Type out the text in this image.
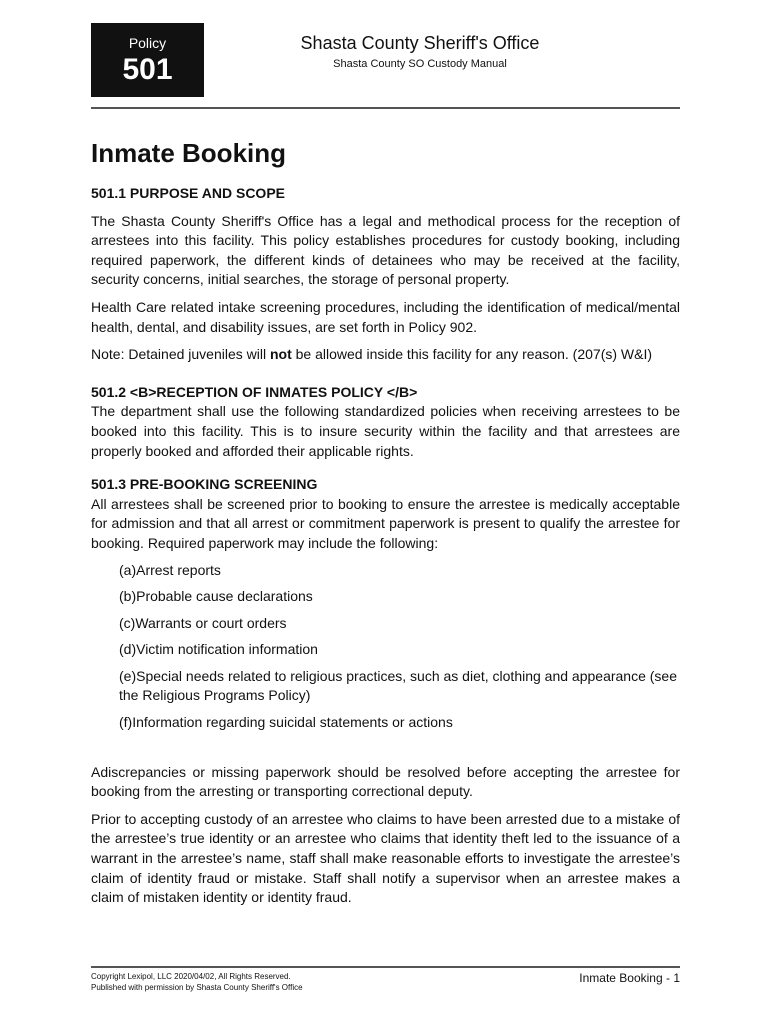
Policy
501
Shasta County Sheriff's Office
Shasta County SO Custody Manual
Inmate Booking
501.1 PURPOSE AND SCOPE

The Shasta County Sheriff's Office has a legal and methodical process for the reception of arrestees into this facility. This policy establishes procedures for custody booking, including required paperwork, the different kinds of detainees who may be received at the facility, security concerns, initial searches, the storage of personal property.

Health Care related intake screening procedures, including the identification of medical/mental health, dental, and disability issues, are set forth in Policy 902.

Note: Detained juveniles will not be allowed inside this facility for any reason. (207(s) W&I)

501.2 <B>RECEPTION OF INMATES POLICY </B>

The department shall use the following standardized policies when receiving arrestees to be booked into this facility. This is to insure security within the facility and that arrestees are properly booked and afforded their applicable rights.

501.3 PRE-BOOKING SCREENING

All arrestees shall be screened prior to booking to ensure the arrestee is medically acceptable for admission and that all arrest or commitment paperwork is present to qualify the arrestee for booking. Required paperwork may include the following:

(a)Arrest reports
(b)Probable cause declarations
(c)Warrants or court orders
(d)Victim notification information
(e)Special needs related to religious practices, such as diet, clothing and appearance (see the Religious Programs Policy)
(f)Information regarding suicidal statements or actions

Adiscrepancies or missing paperwork should be resolved before accepting the arrestee for booking from the arresting or transporting correctional deputy.

Prior to accepting custody of an arrestee who claims to have been arrested due to a mistake of the arrestee’s true identity or an arrestee who claims that identity theft led to the issuance of a warrant in the arrestee’s name, staff shall make reasonable efforts to investigate the arrestee’s claim of identity fraud or mistake. Staff shall notify a supervisor when an arrestee makes a claim of mistaken identity or identity fraud.

Copyright Lexipol, LLC 2020/04/02, All Rights Reserved.
Published with permission by Shasta County Sheriff's Office
Inmate Booking - 1
